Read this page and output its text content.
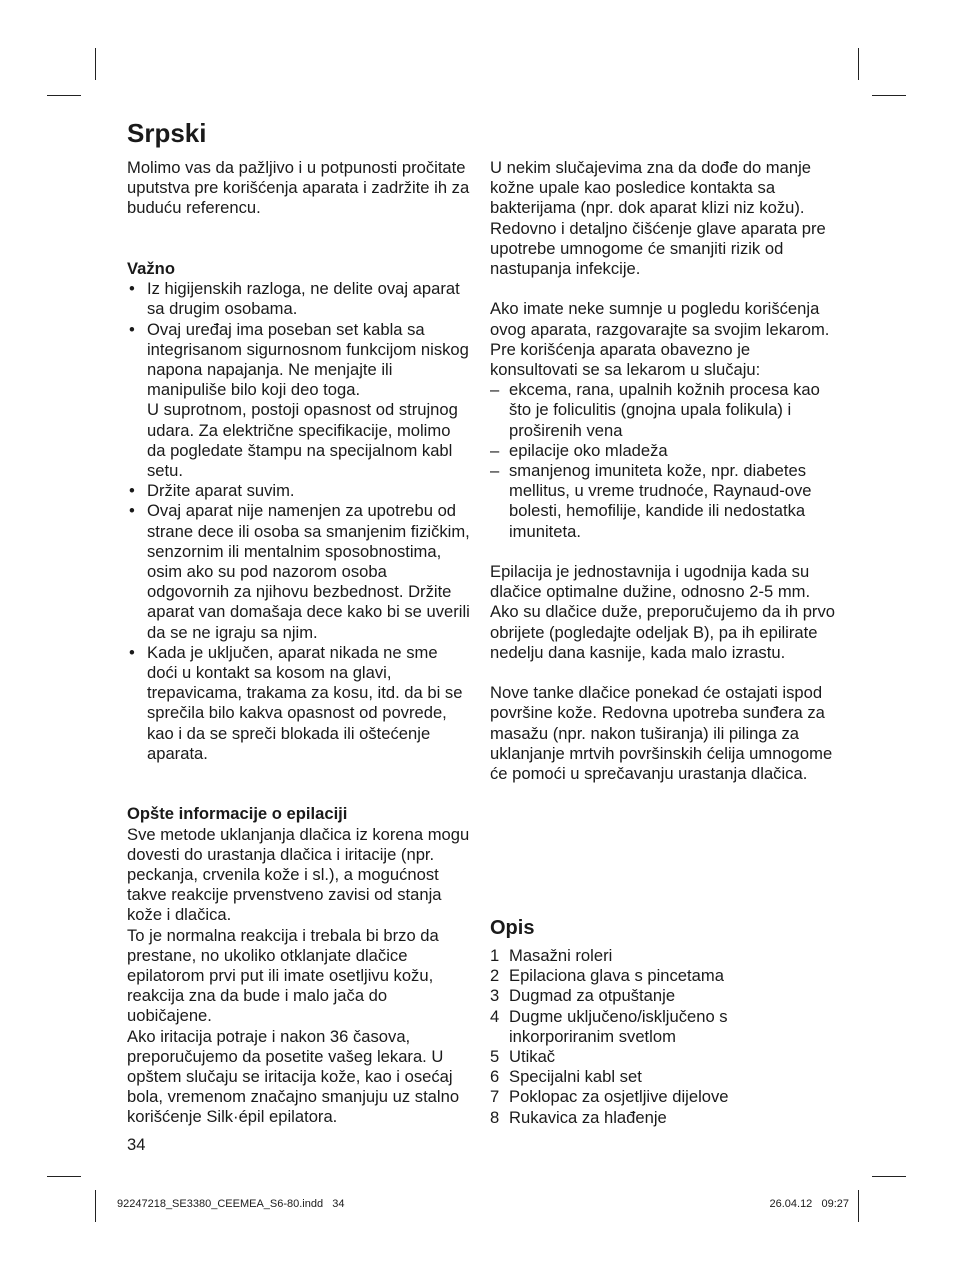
Srpski

Molimo vas da pažljivo i u potpunosti pročitate uputstva pre korišćenja aparata i zadržite ih za buduću referencu.

Važno

• Iz higijenskih razloga, ne delite ovaj aparat sa drugim osobama.
• Ovaj uređaj ima poseban set kabla sa integrisanom sigurnosnom funkcijom niskog napona napajanja. Ne menjajte ili manipuliše bilo koji deo toga.
U suprotnom, postoji opasnost od strujnog udara. Za električne specifikacije, molimo da pogledate štampu na specijalnom kabl setu.
• Držite aparat suvim.
• Ovaj aparat nije namenjen za upotrebu od strane dece ili osoba sa smanjenim fizičkim, senzornim ili mentalnim sposobnostima, osim ako su pod nazorom osoba odgovornih za njihovu bezbednost. Držite aparat van domašaja dece kako bi se uverili da se ne igraju sa njim.
• Kada je uključen, aparat nikada ne sme doći u kontakt sa kosom na glavi, trepavicama, trakama za kosu, itd. da bi se sprečila bilo kakva opasnost od povrede, kao i da se spreči blokada ili oštećenje aparata.

Opšte informacije o epilaciji

Sve metode uklanjanja dlačica iz korena mogu dovesti do urastanja dlačica i iritacije (npr. peckanja, crvenila kože i sl.), a mogućnost takve reakcije prvenstveno zavisi od stanja kože i dlačica.

To je normalna reakcija i trebala bi brzo da prestane, no ukoliko otklanjate dlačice epilatorom prvi put ili imate osetljivu kožu, reakcija zna da bude i malo jača do uobičajene.

Ako iritacija potraje i nakon 36 časova, preporučujemo da posetite vašeg lekara. U opštem slučaju se iritacija kože, kao i osećaj bola, vremenom značajno smanjuju uz stalno korišćenje Silk·épil epilatora.

U nekim slučajevima zna da dođe do manje kožne upale kao posledice kontakta sa bakterijama (npr. dok aparat klizi niz kožu). Redovno i detaljno čišćenje glave aparata pre upotrebe umnogome će smanjiti rizik od nastupanja infekcije.

Ako imate neke sumnje u pogledu korišćenja ovog aparata, razgovarajte sa svojim lekarom. Pre korišćenja aparata obavezno je konsultovati se sa lekarom u slučaju:

– ekcema, rana, upalnih kožnih procesa kao što je foliculitis (gnojna upala folikula) i proširenih vena
– epilacije oko mladeža
– smanjenog imuniteta kože, npr. diabetes mellitus, u vreme trudnoće, Raynaud-ove bolesti, hemofilije, kandide ili nedostatka imuniteta.

Epilacija je jednostavnija i ugodnija kada su dlačice optimalne dužine, odnosno 2-5 mm. Ako su dlačice duže, preporučujemo da ih prvo obrijete (pogledajte odeljak B), pa ih epilirate nedelju dana kasnije, kada malo izrastu.

Nove tanke dlačice ponekad će ostajati ispod površine kože. Redovna upotreba sunđera za masažu (npr. nakon tuširanja) ili pilinga za uklanjanje mrtvih površinskih ćelija umnogome će pomoći u sprečavanju urastanja dlačica.

Opis
1 Masažni roleri
2 Epilaciona glava s pincetama
3 Dugmad za otpuštanje
4 Dugme uključeno/isključeno s inkorporiranim svetlom
5 Utikač
6 Specijalni kabl set
7 Poklopac za osjetljive dijelove
8 Rukavica za hlađenje
34
92247218_SE3380_CEEMEA_S6-80.indd   34	26.04.12   09:27
